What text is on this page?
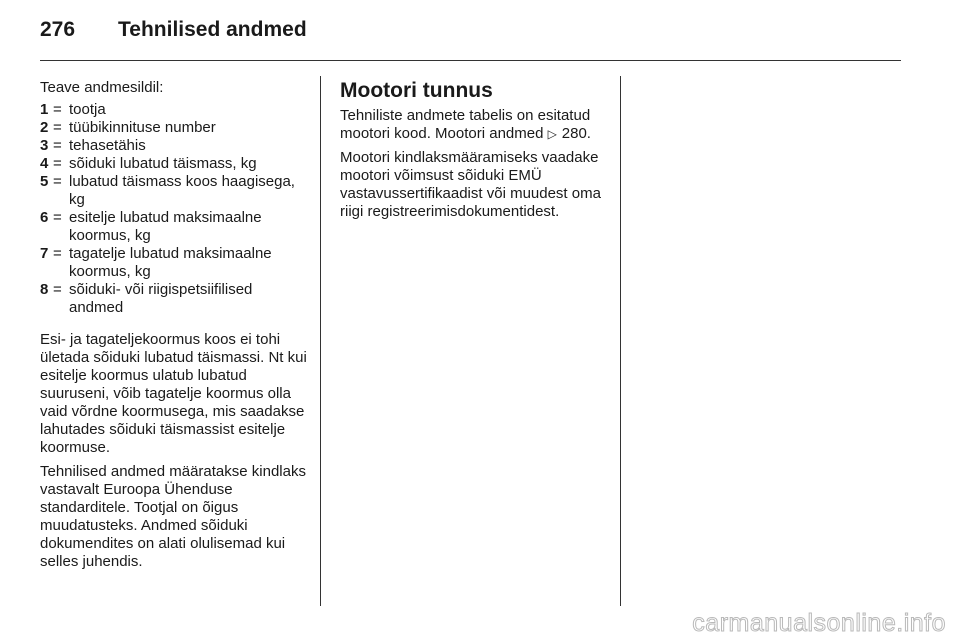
276	Tehnilised andmed

Teave andmesildil:

1 = tootja
2 = tüübikinnituse number
3 = tehasetähis
4 = sõiduki lubatud täismass, kg
5 = lubatud täismass koos haagisega, kg
6 = esitelje lubatud maksimaalne koormus, kg
7 = tagatelje lubatud maksimaalne koormus, kg
8 = sõiduki- või riigispetsiifilised andmed

Esi- ja tagateljekoormus koos ei tohi ületada sõiduki lubatud täismassi. Nt kui esitelje koormus ulatub lubatud suuruseni, võib tagatelje koormus olla vaid võrdne koormusega, mis saadakse lahutades sõiduki täismassist esitelje koormuse.

Tehnilised andmed määratakse kindlaks vastavalt Euroopa Ühenduse standarditele. Tootjal on õigus muudatusteks. Andmed sõiduki dokumendites on alati olulisemad kui selles juhendis.

Mootori tunnus

Tehniliste andmete tabelis on esitatud mootori kood. Mootori andmed ▷ 280.

Mootori kindlaksmääramiseks vaadake mootori võimsust sõiduki EMÜ vastavussertifikaadist või muudest oma riigi registreerimisdokumentidest.

carmanualsonline.info
